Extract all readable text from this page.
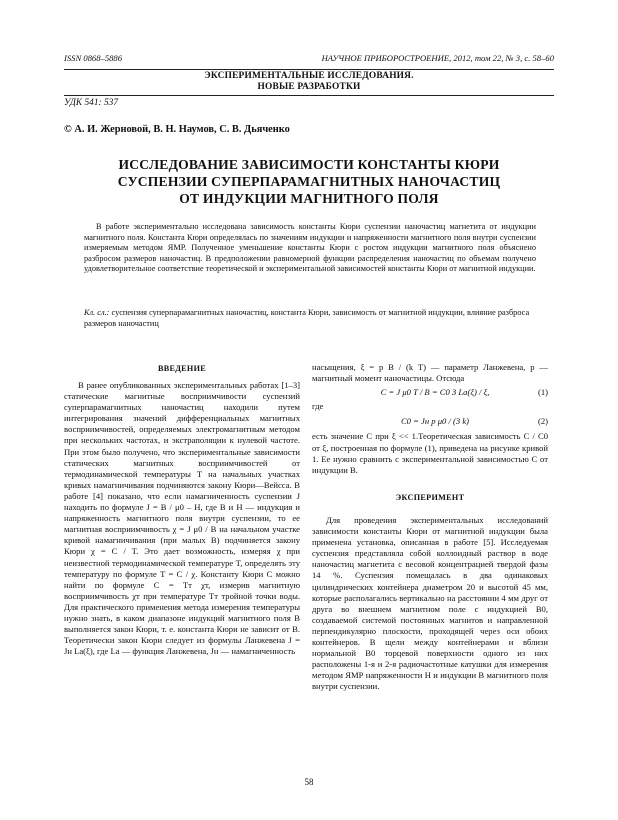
ISSN 0868–5886	НАУЧНОЕ ПРИБОРОСТРОЕНИЕ, 2012, том 22, № 3, с. 58–60
ЭКСПЕРИМЕНТАЛЬНЫЕ ИССЛЕДОВАНИЯ.
НОВЫЕ РАЗРАБОТКИ
УДК 541: 537
© А. И. Жерновой, В. Н. Наумов, С. В. Дьяченко
ИССЛЕДОВАНИЕ ЗАВИСИМОСТИ КОНСТАНТЫ КЮРИ
СУСПЕНЗИИ СУПЕРПАРАМАГНИТНЫХ НАНОЧАСТИЦ
ОТ ИНДУКЦИИ МАГНИТНОГО ПОЛЯ
В работе экспериментально исследована зависимость константы Кюри суспензии наночастиц магнетита от индукции магнитного поля. Константа Кюри определялась по значениям индукции и напряженности магнитного поля внутри суспензии измеряемым методом ЯМР. Полученное уменьшение константы Кюри с ростом индукции магнитного поля объяснено разбросом размеров наночастиц. В предположении равномерной функции распределения наночастиц по объемам получено удовлетворительное соответствие теоретической и экспериментальной зависимостей константы Кюри от магнитной индукции.
Кл. сл.: суспензия суперпарамагнитных наночастиц, константа Кюри, зависимость от магнитной индукции, влияние разброса размеров наночастиц
ВВЕДЕНИЕ

В ранее опубликованных экспериментальных работах [1–3] статические магнитные восприимчивости суспензий суперпарамагнитных наночастиц находили путем интегрирования значений дифференциальных магнитных восприимчивостей, определяемых электромагнитным методом при нескольких частотах, и экстраполяции к нулевой частоте. При этом было получено, что экспериментальные зависимости статических магнитных восприимчивостей от термодинамической температуры T на начальных участках кривых намагничивания подчиняются закону Кюри—Вейсса. В работе [4] показано, что если намагниченность суспензии J находить по формуле J = B / μ0 – H, где B и H — индукция и напряженность магнитного поля внутри суспензии, то ее магнитная восприимчивость χ = J μ0 / B на начальном участке кривой намагничивания (при малых B) подчиняется закону Кюри χ = C / T. Это дает возможность, измеряя χ при неизвестной термодинамической температуре T, определять эту температуру по формуле T = C / χ. Константу Кюри C можно найти по формуле C = Tт χт, измерив магнитную восприимчивость χт при температуре Tт тройной точки воды. Для практического применения метода измерения температуры нужно знать, в каком диапазоне индукций магнитного поля B выполняется закон Кюри, т. е. константа Кюри не зависит от B. Теоретически закон Кюри следует из формулы Ланжевена J = Jн La(ξ), где La — функция Ланжевена, Jн — намагниченность

насыщения, ξ = p B / (k T) — параметр Ланжевена, p — магнитный момент наночастицы. Отсюда

C = J μ0 T / B = C0 3 La(ξ) / ξ,	(1)

где

C0 = Jн p μ0 / (3 k)	(2)

есть значение C при ξ << 1.Теоретическая зависимость C / C0 от ξ, построенная по формуле (1), приведена на рисунке кривой 1. Ее нужно сравнить с экспериментальной зависимостью C от индукции B.

ЭКСПЕРИМЕНТ

Для проведения экспериментальных исследований зависимости константы Кюри от магнитной индукции была применена установка, описанная в работе [5]. Исследуемая суспензия представляла собой коллоидный раствор в воде наночастиц магнетита с весовой концентрацией твердой фазы 14 %. Суспензия помещалась в два одинаковых цилиндрических контейнера диаметром 20 и высотой 45 мм, которые располагались вертикально на расстоянии 4 мм друг от друга во внешнем магнитном поле с индукцией B0, создаваемой системой постоянных магнитов и направленной перпендикулярно плоскости, проходящей через оси обоих контейнеров. В щели между контейнерами и вблизи нормальной B0 торцевой поверхности одного из них расположены 1-я и 2-я радиочастотные катушки для измерения методом ЯМР напряженности H и индукции B магнитного поля внутри суспензии.

58
